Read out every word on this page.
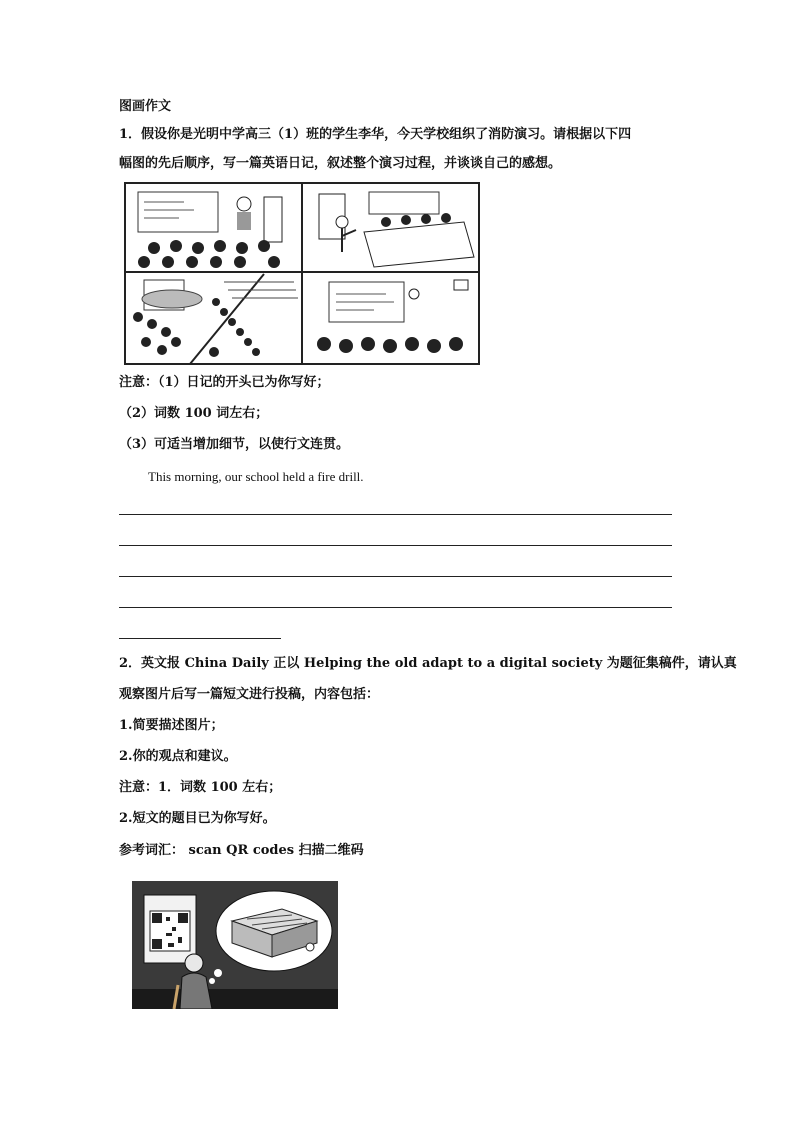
图画作文
1．假设你是光明中学高三（1）班的学生李华，今天学校组织了消防演习。请根据以下四
幅图的先后顺序，写一篇英语日记，叙述整个演习过程，并谈谈自己的感想。
注意：（1）日记的开头已为你写好；
（2）词数 100 词左右；
（3）可适当增加细节，以使行文连贯。
This morning, our school held a fire drill.
2．英文报 China Daily 正以 Helping the old adapt to a digital society 为题征集稿件，请认真
观察图片后写一篇短文进行投稿，内容包括：
1.简要描述图片；
2.你的观点和建议。
注意：1．词数 100 左右；
2.短文的题目已为你写好。
参考词汇： scan QR codes 扫描二维码
